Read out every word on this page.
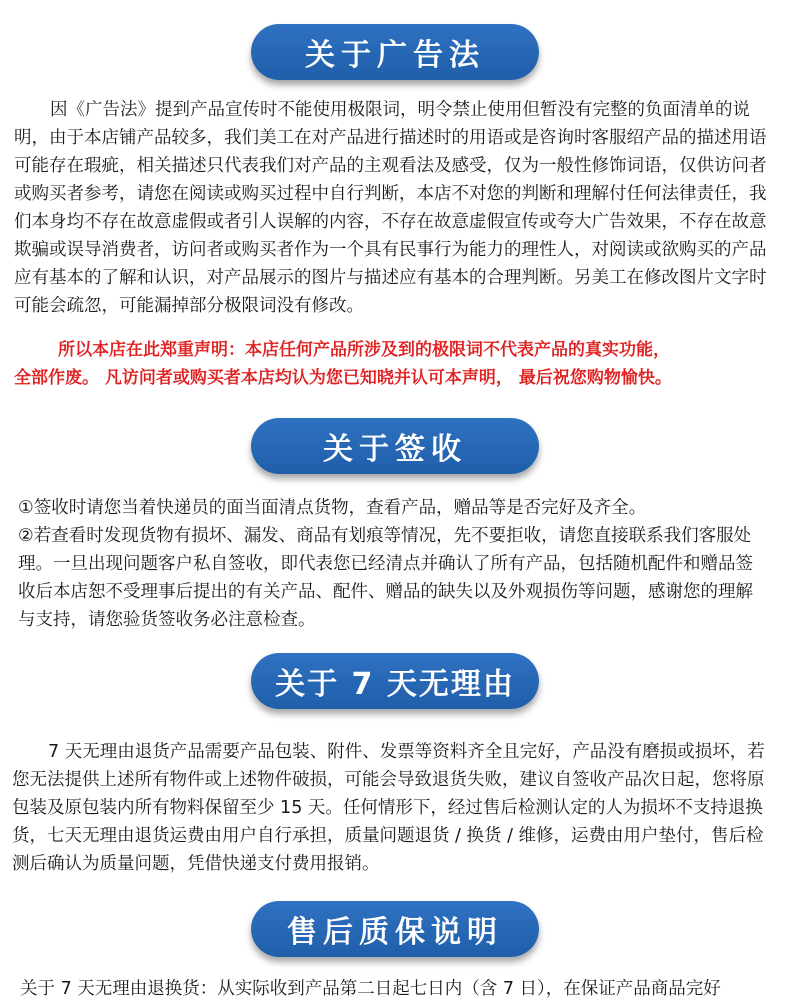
关于广告法

因《广告法》提到产品宣传时不能使用极限词，明令禁止使用但暂没有完整的负面清单的说明，由于本店铺产品较多，我们美工在对产品进行描述时的用语或是咨询时客服绍产品的描述用语可能存在瑕疵，相关描述只代表我们对产品的主观看法及感受，仅为一般性修饰词语，仅供访问者或购买者参考，请您在阅读或购买过程中自行判断，本店不对您的判断和理解付任何法律责任，我们本身均不存在故意虚假或者引人误解的内容，不存在故意虚假宣传或夸大广告效果，不存在故意欺骗或误导消费者，访问者或购买者作为一个具有民事行为能力的理性人，对阅读或欲购买的产品应有基本的了解和认识，对产品展示的图片与描述应有基本的合理判断。另美工在修改图片文字时可能会疏忽，可能漏掉部分极限词没有修改。

所以本店在此郑重声明：本店任何产品所涉及到的极限词不代表产品的真实功能，

全部作废。 凡访问者或购买者本店均认为您已知晓并认可本声明， 最后祝您购物愉快。

关于签收

①签收时请您当着快递员的面当面清点货物，查看产品，赠品等是否完好及齐全。

②若查看时发现货物有损坏、漏发、商品有划痕等情况，先不要拒收，请您直接联系我们客服处理。一旦出现问题客户私自签收，即代表您已经清点并确认了所有产品，包括随机配件和赠品签收后本店恕不受理事后提出的有关产品、配件、赠品的缺失以及外观损伤等问题，感谢您的理解与支持，请您验货签收务必注意检查。

关于 7 天无理由

7 天无理由退货产品需要产品包装、附件、发票等资料齐全且完好，产品没有磨损或损坏，若您无法提供上述所有物件或上述物件破损，可能会导致退货失败，建议自签收产品次日起，您将原包装及原包装内所有物料保留至少 15 天。任何情形下，经过售后检测认定的人为损坏不支持退换货，七天无理由退货运费由用户自行承担，质量问题退货 / 换货 / 维修，运费由用户垫付，售后检测后确认为质量问题，凭借快递支付费用报销。

售后质保说明

关于 7 天无理由退换货：从实际收到产品第二日起七日内（含 7 日），在保证产品商品完好
